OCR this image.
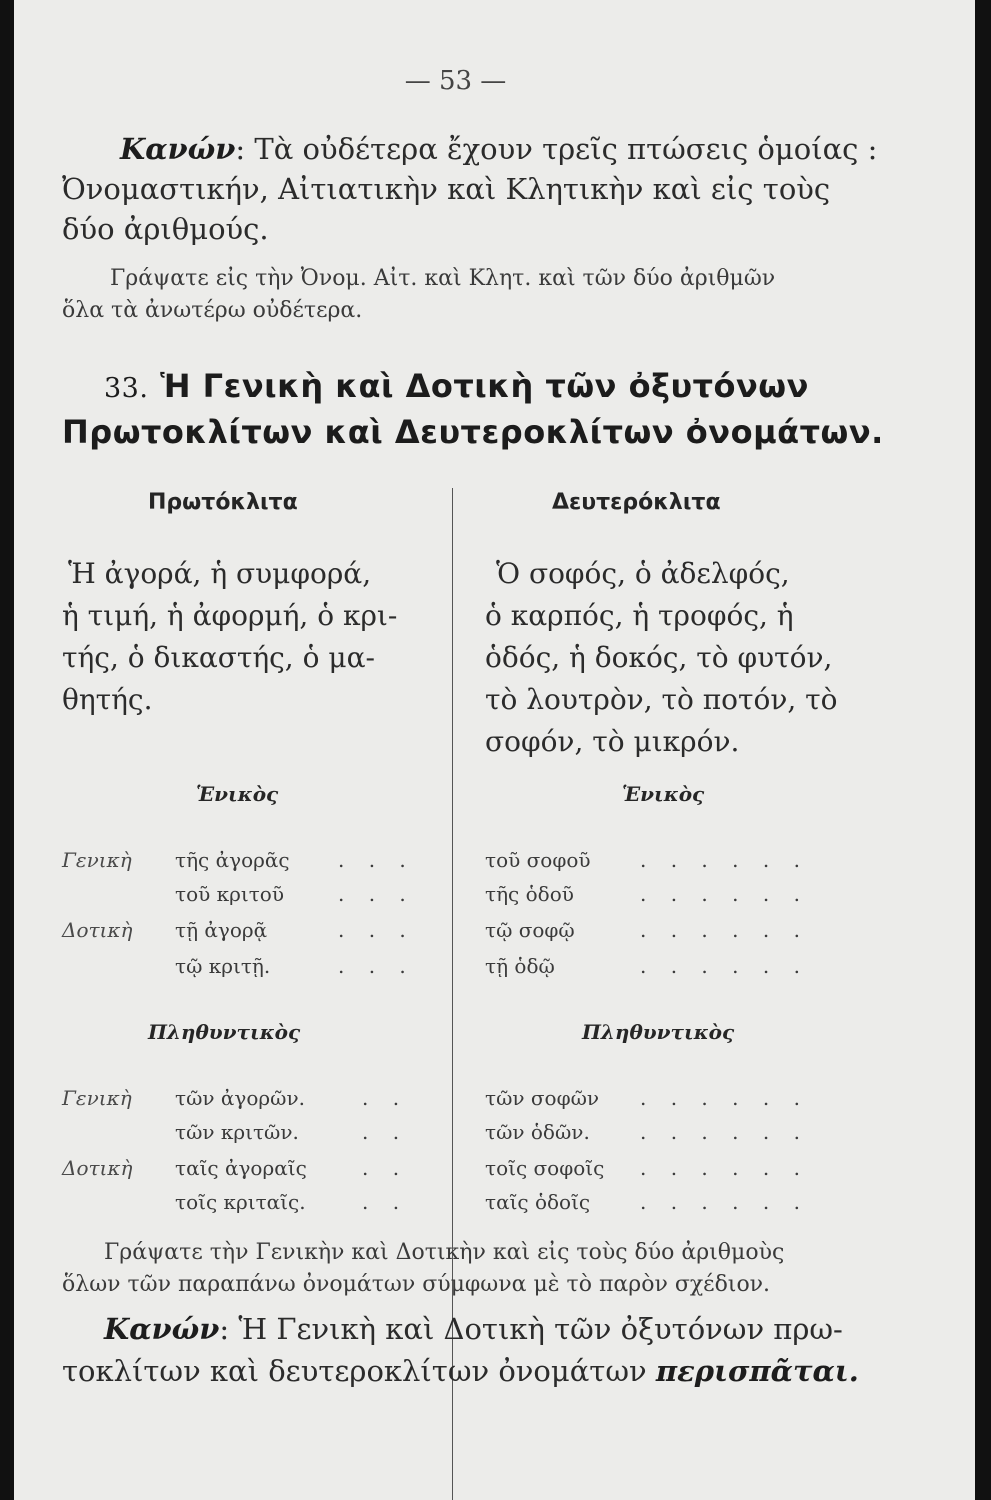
— 53 —
Κανών: Τὰ οὐδέτερα ἔχουν τρεῖς πτώσεις ὁμοίας :
Ὀνομαστικήν, Αἰτιατικὴν καὶ Κλητικὴν καὶ εἰς τοὺς
δύο ἀριθμούς.
Γράψατε εἰς τὴν Ὀνομ. Αἰτ. καὶ Κλητ. καὶ τῶν δύο ἀριθμῶν
ὅλα τὰ ἀνωτέρω οὐδέτερα.
33. Ἡ Γενικὴ καὶ Δοτικὴ τῶν ὀξυτόνων
Πρωτοκλίτων καὶ Δευτεροκλίτων ὀνομάτων.
Πρωτόκλιτα
Ἡ ἀγορά, ἡ συμφορά,
ἡ τιμή, ἡ ἀφορμή, ὁ κρι-
τής, ὁ δικαστής, ὁ μα-
θητής.
Ἑνικὸς
Γενικὴ τῆς ἀγορᾶς . . .
τοῦ κριτοῦ	. . .
Δοτικὴ τῇ ἀγορᾷ	. . .
τῷ κριτῇ.	. . .
Πληθυντικὸς
Γενικὴ τῶν ἀγορῶν.	. .
τῶν κριτῶν.	. .
Δοτικὴ ταῖς ἀγοραῖς	. .
τοῖς κριταῖς.	. .
Δευτερόκλιτα
Ὁ σοφός, ὁ ἀδελφός,
ὁ καρπός, ἡ τροφός, ἡ
ὁδός, ἡ δοκός, τὸ φυτόν,
τὸ λουτρὸν, τὸ ποτόν, τὸ
σοφόν, τὸ μικρόν.
Ἑνικὸς
τοῦ σοφοῦ . . . . . .
τῆς ὁδοῦ	. . . . . .
τῷ σοφῷ	. . . . . .
τῇ ὁδῷ	. . . . . .
Πληθυντικὸς
τῶν σοφῶν . . . . . .
τῶν ὁδῶν.	. . . . . .
τοῖς σοφοῖς . . . . . .
ταῖς ὁδοῖς . . . . . .
Γράψατε τὴν Γενικὴν καὶ Δοτικὴν καὶ εἰς τοὺς δύο ἀριθμοὺς
ὅλων τῶν παραπάνω ὀνομάτων σύμφωνα μὲ τὸ παρὸν σχέδιον.
Κανών: Ἡ Γενικὴ καὶ Δοτικὴ τῶν ὀξυτόνων πρω-
τοκλίτων καὶ δευτεροκλίτων ὀνομάτων περισπᾶται.
